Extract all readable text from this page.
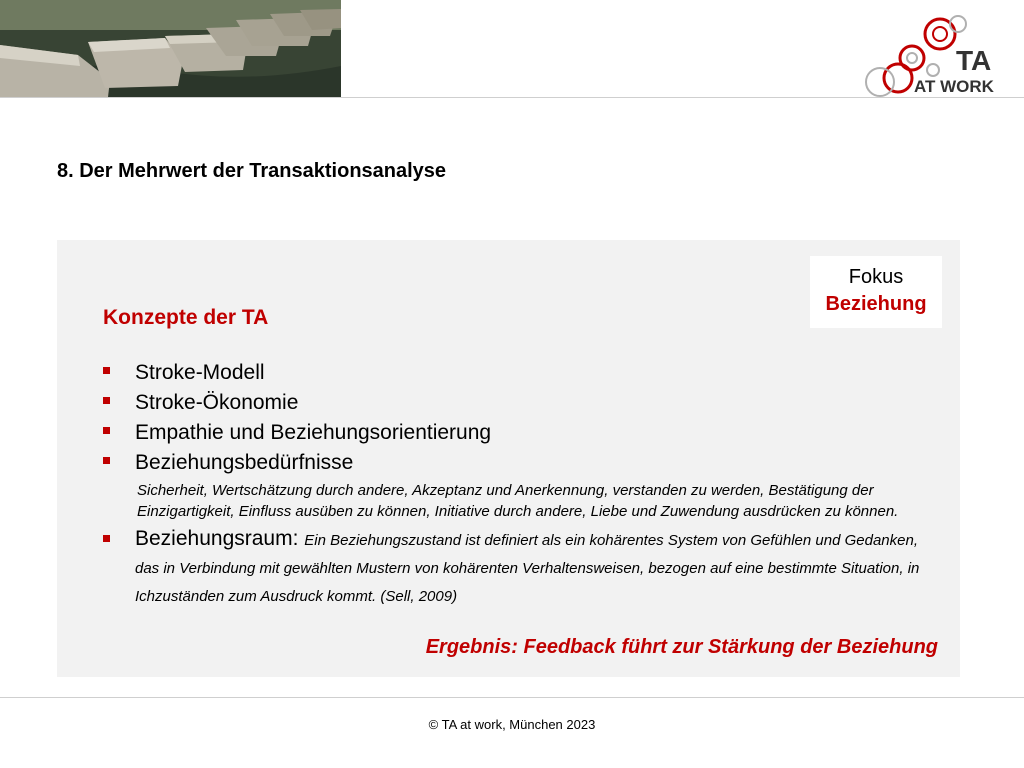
TA
AT WORK
8. Der Mehrwert der Transaktionsanalyse
Fokus
Beziehung
Konzepte der TA
Stroke-Modell
Stroke-Ökonomie
Empathie und Beziehungsorientierung
Beziehungsbedürfnisse
Sicherheit, Wertschätzung durch andere, Akzeptanz und Anerkennung, verstanden zu werden, Bestätigung der Einzigartigkeit, Einfluss ausüben zu können, Initiative durch andere, Liebe und Zuwendung ausdrücken zu können.
Beziehungsraum: Ein Beziehungszustand ist definiert als ein kohärentes System von Gefühlen und Gedanken, das in Verbindung mit gewählten Mustern von kohärenten Verhaltensweisen, bezogen auf eine bestimmte Situation, in Ichzuständen zum Ausdruck kommt. (Sell, 2009)
Ergebnis: Feedback führt zur Stärkung der Beziehung
© TA at work, München 2023
